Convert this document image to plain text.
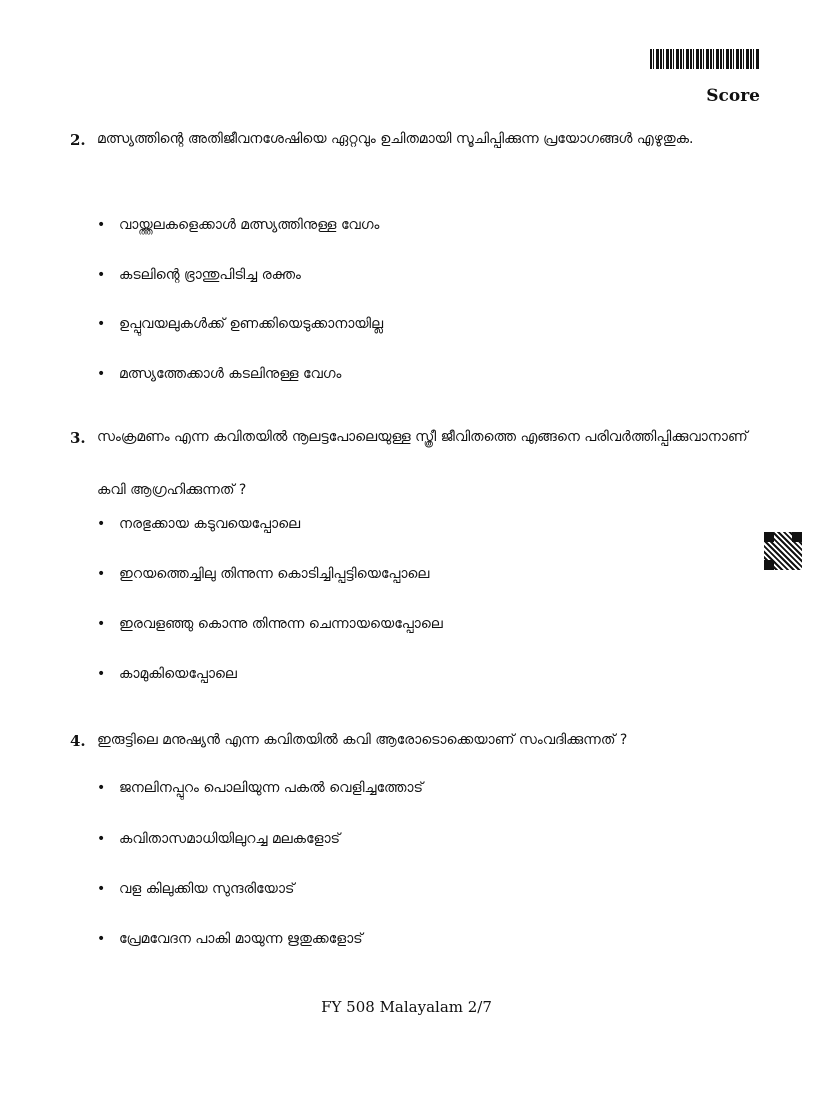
Score
2. മത്സ്യത്തിന്റെ അതിജീവനശേഷിയെ ഏറ്റവും ഉചിതമായി സൂചിപ്പിക്കുന്ന പ്രയോഗങ്ങൾ എഴുതുക.
• വായ്ത്തലകളെക്കാൾ മത്സ്യത്തിനുള്ള വേഗം
• കടലിന്റെ ഭ്രാന്തുപിടിച്ച രക്തം
• ഉപ്പുവയലുകൾക്ക് ഉണക്കിയെടുക്കാനായില്ല
• മത്സ്യത്തേക്കാൾ കടലിനുള്ള വേഗം
3. സംക്രമണം എന്ന കവിതയിൽ നൂലട്ടപോലെയുള്ള സ്ത്രീ ജീവിതത്തെ എങ്ങനെ പരിവർത്തിപ്പിക്കുവാനാണ് കവി ആഗ്രഹിക്കുന്നത് ?
• നരഭുക്കായ കടുവയെപ്പോലെ
• ഇറയത്തെച്ചിലു തിന്നുന്ന കൊടിച്ചിപ്പട്ടിയെപ്പോലെ
• ഇരവളഞ്ഞു കൊന്നു തിന്നുന്ന ചെന്നായയെപ്പോലെ
• കാമുകിയെപ്പോലെ
4. ഇരുട്ടിലെ മനുഷ്യൻ എന്ന കവിതയിൽ കവി ആരോടൊക്കെയാണ് സംവദിക്കുന്നത് ?
• ജനലിനപ്പുറം പൊലിയുന്ന പകൽ വെളിച്ചത്തോട്
• കവിതാസമാധിയിലുറച്ച മലകളോട്
• വള കിലുക്കിയ സുന്ദരിയോട്
• പ്രേമവേദന പാകി മായുന്ന ഋതുക്കളോട്
FY 508 Malayalam 2/7
